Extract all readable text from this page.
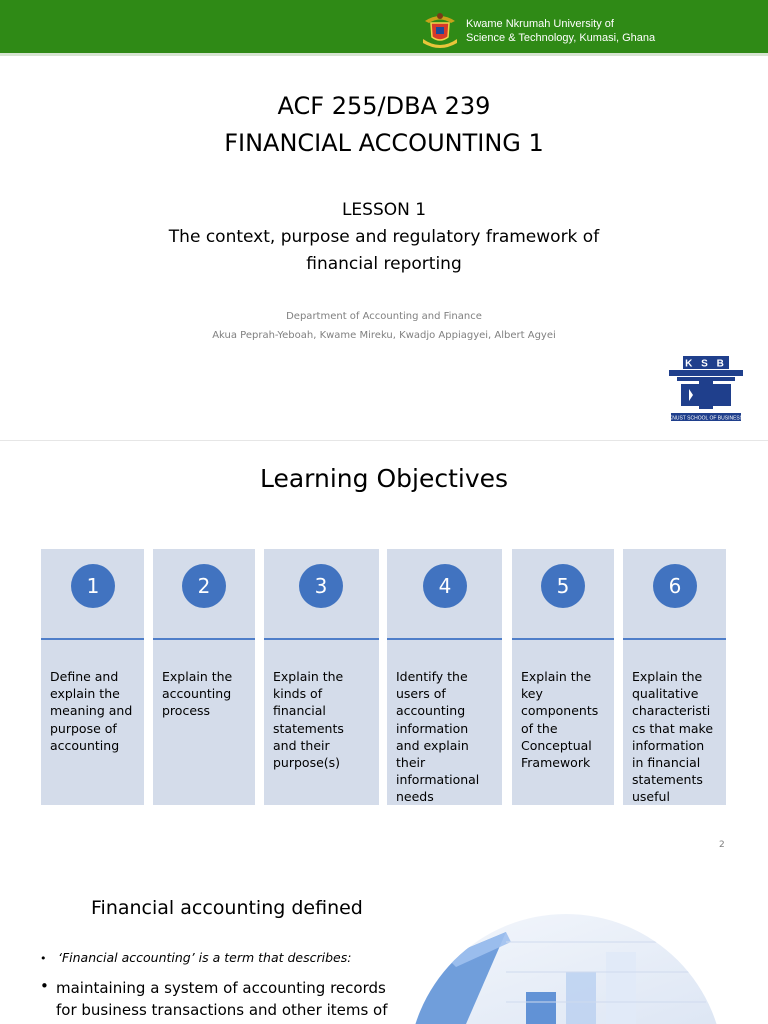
Kwame Nkrumah University of
Science & Technology, Kumasi, Ghana
ACF 255/DBA 239
FINANCIAL ACCOUNTING 1
LESSON 1
The context, purpose and regulatory framework of
financial reporting
Department of Accounting and Finance
Akua Peprah-Yeboah, Kwame Mireku, Kwadjo Appiagyei, Albert Agyei
K S B
KNUST SCHOOL OF BUSINESS
Learning Objectives
1
Define and
explain the
meaning and
purpose of
accounting
2
Explain the
accounting
process
3
Explain the
kinds of
financial
statements
and their
purpose(s)
4
Identify the
users of
accounting
information
and explain
their
informational
needs
5
Explain the
key
components
of the
Conceptual
Framework
6
Explain the
qualitative
characteristi
cs that make
information
in financial
statements
useful
2
Financial accounting defined
• ‘Financial accounting’ is a term that describes:
• maintaining a system of accounting records
for business transactions and other items of
